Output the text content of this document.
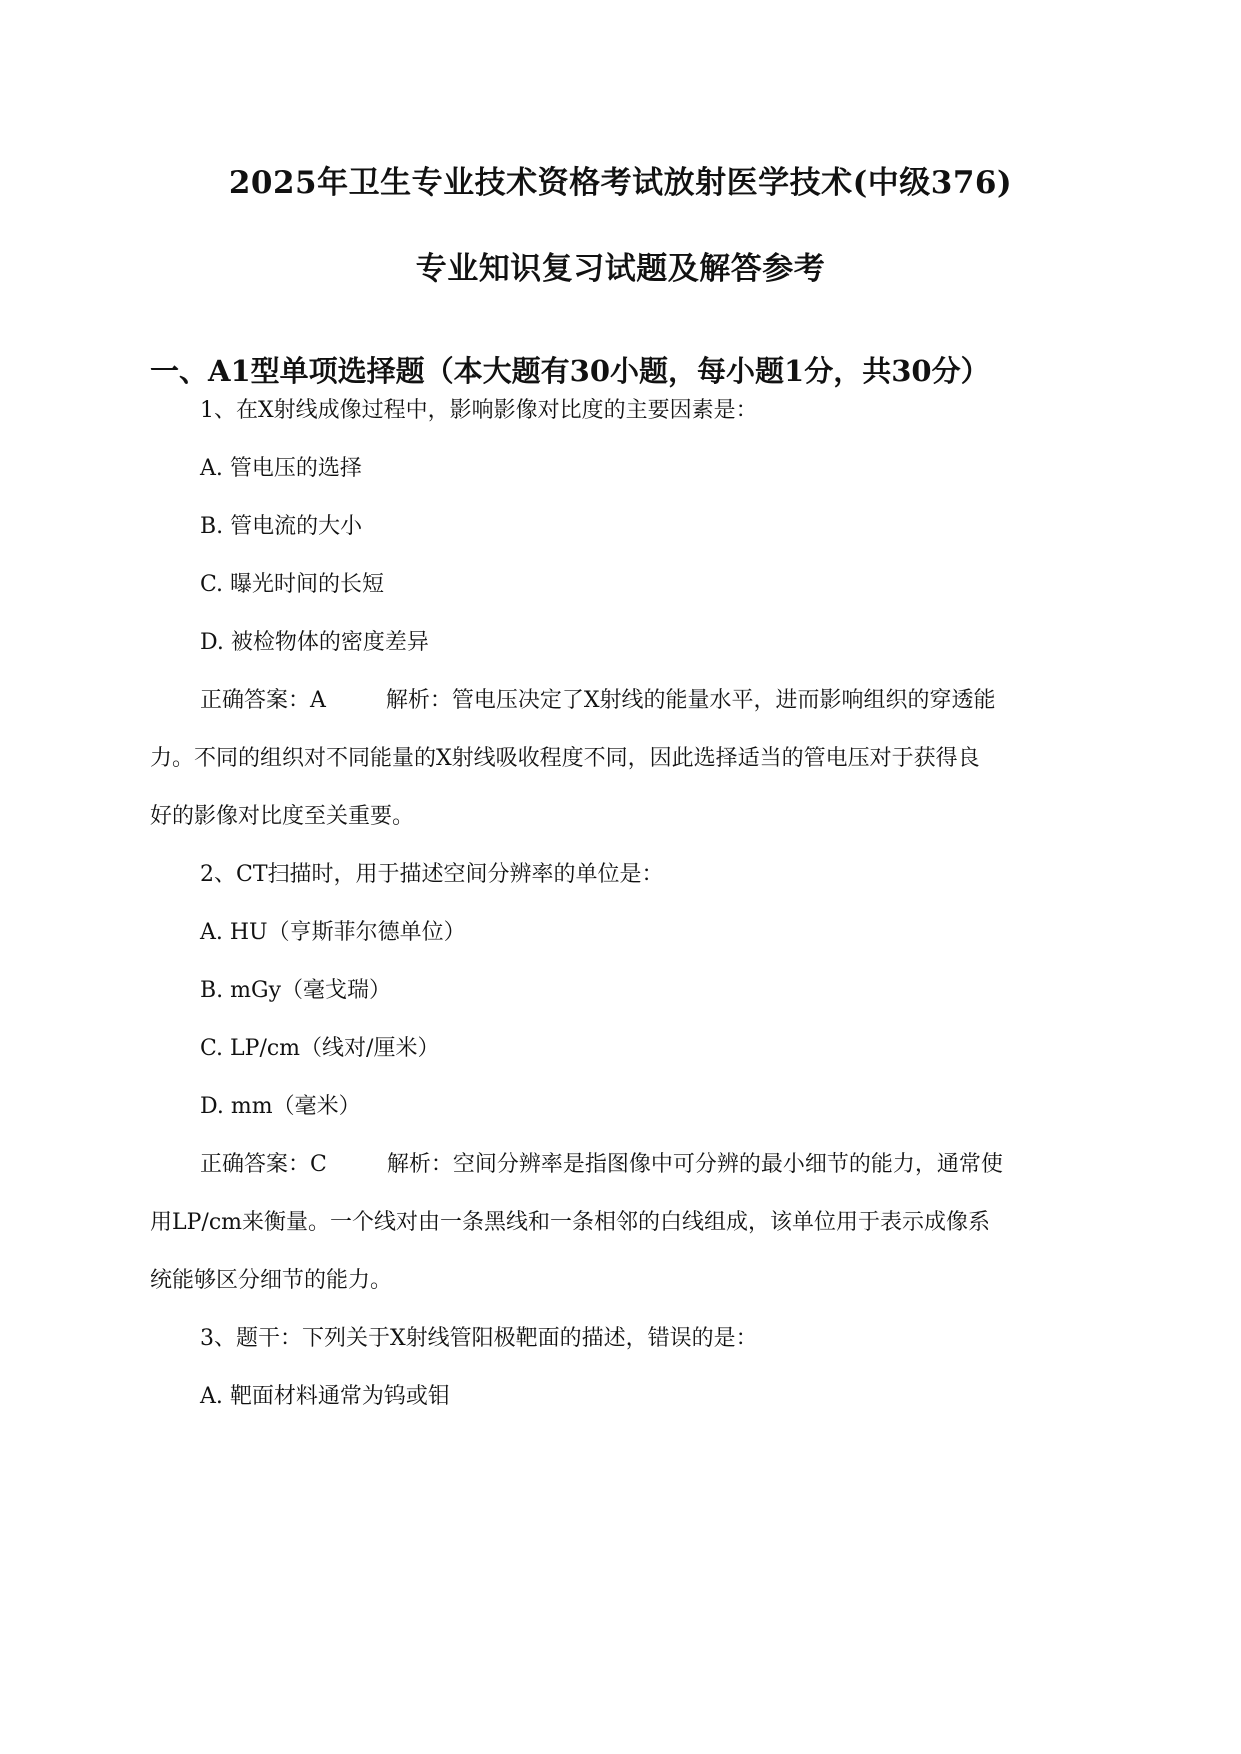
2025年卫生专业技术资格考试放射医学技术(中级376)
专业知识复习试题及解答参考
一、A1型单项选择题（本大题有30小题，每小题1分，共30分）

1、在X射线成像过程中，影响影像对比度的主要因素是：

A. 管电压的选择

B. 管电流的大小

C. 曝光时间的长短

D. 被检物体的密度差异

正确答案：A	解析：管电压决定了X射线的能量水平，进而影响组织的穿透能

力。不同的组织对不同能量的X射线吸收程度不同，因此选择适当的管电压对于获得良

好的影像对比度至关重要。

2、CT扫描时，用于描述空间分辨率的单位是：

A. HU（亨斯菲尔德单位）

B. mGy（毫戈瑞）

C. LP/cm（线对/厘米）

D. mm（毫米）

正确答案：C	解析：空间分辨率是指图像中可分辨的最小细节的能力，通常使

用LP/cm来衡量。一个线对由一条黑线和一条相邻的白线组成，该单位用于表示成像系

统能够区分细节的能力。

3、题干：下列关于X射线管阳极靶面的描述，错误的是：

A. 靶面材料通常为钨或钼
